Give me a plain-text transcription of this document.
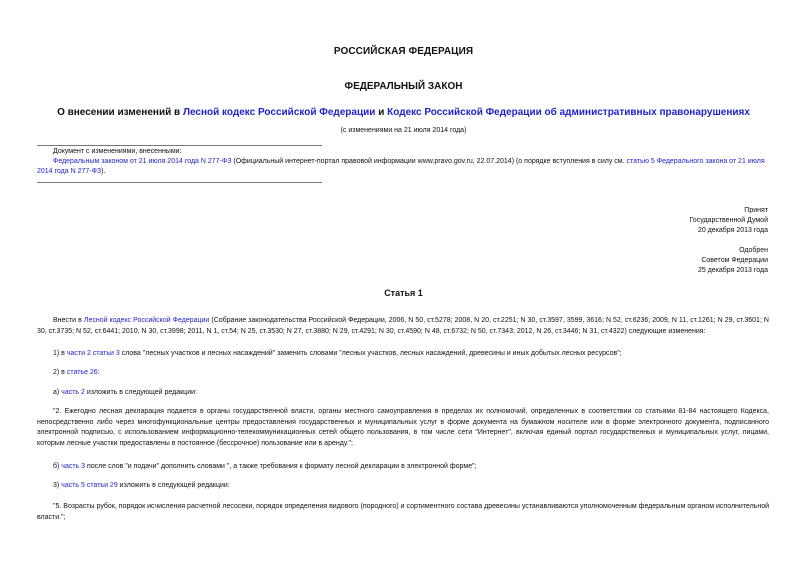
РОССИЙСКАЯ ФЕДЕРАЦИЯ
ФЕДЕРАЛЬНЫЙ ЗАКОН
О внесении изменений в Лесной кодекс Российской Федерации и Кодекс Российской Федерации об административных правонарушениях
(с изменениями на 21 июля 2014 года)
Документ с изменениями, внесенными:
Федеральным законом от 21 июля 2014 года N 277-ФЗ (Официальный интернет-портал правовой информации www.pravo.gov.ru, 22.07.2014) (о порядке вступления в силу см. статью 5 Федерального закона от 21 июля 2014 года N 277-ФЗ).
Принят
Государственной Думой
20 декабря 2013 года
Одобрен
Советом Федерации
25 декабря 2013 года
Статья 1
Внести в Лесной кодекс Российской Федерации (Собрание законодательства Российской Федерации, 2006, N 50, ст.5278; 2008, N 20, ст.2251; N 30, ст.3597, 3599, 3616; N 52, ст.6236; 2009, N 11, ст.1261; N 29, ст.3601; N 30, ст.3735; N 52, ст.6441; 2010, N 30, ст.3998; 2011, N 1, ст.54; N 25, ст.3530; N 27, ст.3880; N 29, ст.4291; N 30, ст.4590; N 48, ст.6732; N 50, ст.7343; 2012, N 26, ст.3446; N 31, ст.4322) следующие изменения:
1) в части 2 статьи 3 слова "лесных участков и лесных насаждений" заменить словами "лесных участков, лесных насаждений, древесины и иных добытых лесных ресурсов";
2) в статье 26:
а) часть 2 изложить в следующей редакции:
"2. Ежегодно лесная декларация подается в органы государственной власти, органы местного самоуправления в пределах их полномочий, определенных в соответствии со статьями 81-84 настоящего Кодекса, непосредственно либо через многофункциональные центры предоставления государственных и муниципальных услуг в форме документа на бумажном носителе или в форме электронного документа, подписанного электронной подписью, с использованием информационно-телекоммуникационных сетей общего пользования, в том числе сети "Интернет", включая единый портал государственных и муниципальных услуг, лицами, которым лесные участки предоставлены в постоянное (бессрочное) пользование или в аренду.";
б) часть 3 после слов "и подачи" дополнить словами ", а также требования к формату лесной декларации в электронной форме";
3) часть 5 статьи 29 изложить в следующей редакции:
"5. Возрасты рубок, порядок исчисления расчетной лесосеки, порядок определения видового (породного) и сортиментного состава древесины устанавливаются уполномоченным федеральным органом исполнительной власти.";
